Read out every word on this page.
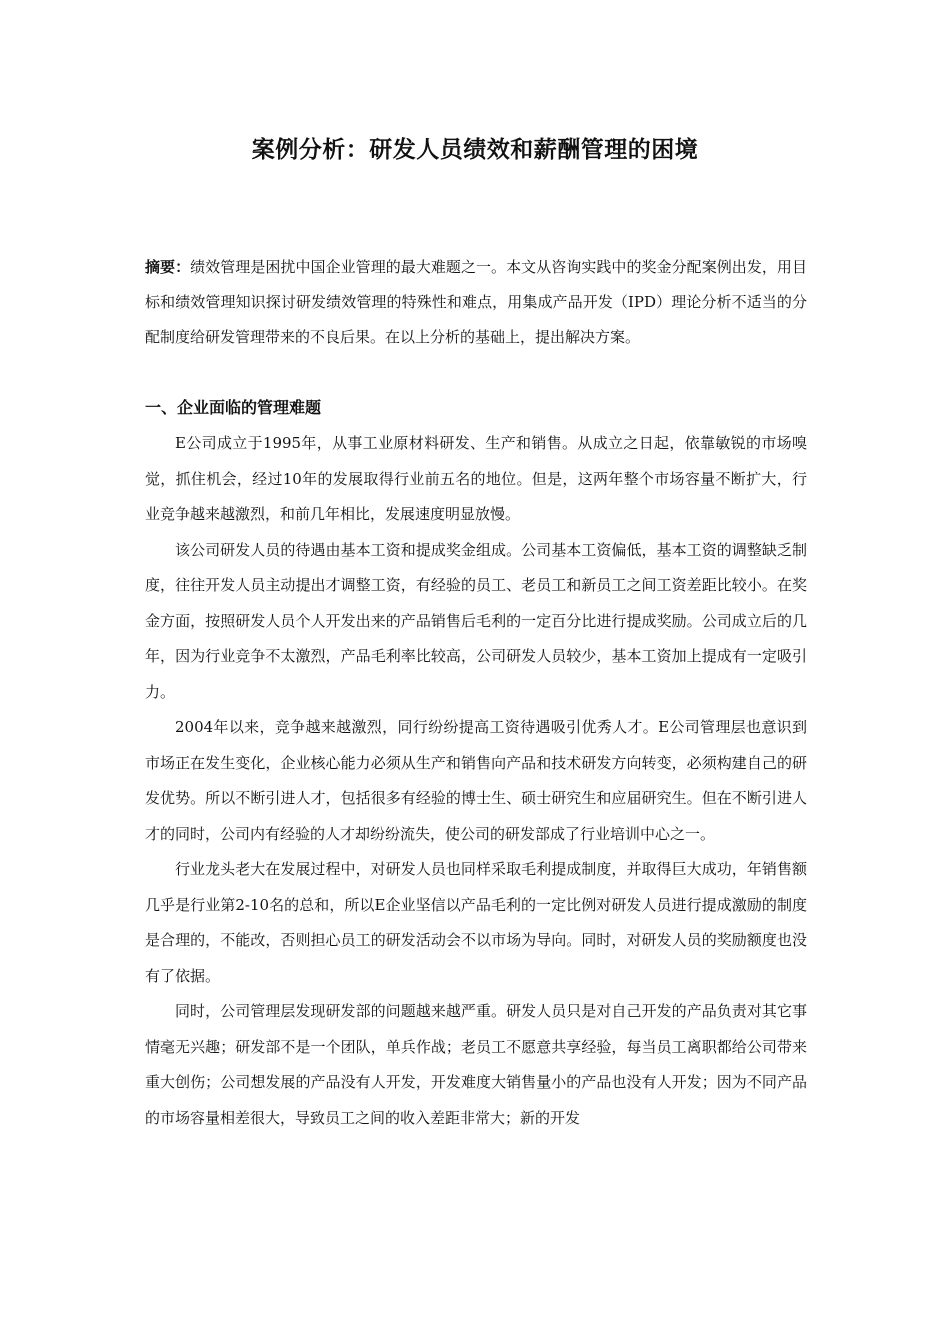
案例分析：研发人员绩效和薪酬管理的困境

摘要：绩效管理是困扰中国企业管理的最大难题之一。本文从咨询实践中的奖金分配案例出发，用目标和绩效管理知识探讨研发绩效管理的特殊性和难点，用集成产品开发（IPD）理论分析不适当的分配制度给研发管理带来的不良后果。在以上分析的基础上，提出解决方案。

一、企业面临的管理难题

E公司成立于1995年，从事工业原材料研发、生产和销售。从成立之日起，依靠敏锐的市场嗅觉，抓住机会，经过10年的发展取得行业前五名的地位。但是，这两年整个市场容量不断扩大，行业竞争越来越激烈，和前几年相比，发展速度明显放慢。

该公司研发人员的待遇由基本工资和提成奖金组成。公司基本工资偏低，基本工资的调整缺乏制度，往往开发人员主动提出才调整工资，有经验的员工、老员工和新员工之间工资差距比较小。在奖金方面，按照研发人员个人开发出来的产品销售后毛利的一定百分比进行提成奖励。公司成立后的几年，因为行业竞争不太激烈，产品毛利率比较高，公司研发人员较少，基本工资加上提成有一定吸引力。

2004年以来，竞争越来越激烈，同行纷纷提高工资待遇吸引优秀人才。E公司管理层也意识到市场正在发生变化，企业核心能力必须从生产和销售向产品和技术研发方向转变，必须构建自己的研发优势。所以不断引进人才，包括很多有经验的博士生、硕士研究生和应届研究生。但在不断引进人才的同时，公司内有经验的人才却纷纷流失，使公司的研发部成了行业培训中心之一。

行业龙头老大在发展过程中，对研发人员也同样采取毛利提成制度，并取得巨大成功，年销售额几乎是行业第2-10名的总和，所以E企业坚信以产品毛利的一定比例对研发人员进行提成激励的制度是合理的，不能改，否则担心员工的研发活动会不以市场为导向。同时，对研发人员的奖励额度也没有了依据。

同时，公司管理层发现研发部的问题越来越严重。研发人员只是对自己开发的产品负责对其它事情毫无兴趣；研发部不是一个团队，单兵作战；老员工不愿意共享经验，每当员工离职都给公司带来重大创伤；公司想发展的产品没有人开发，开发难度大销售量小的产品也没有人开发；因为不同产品的市场容量相差很大，导致员工之间的收入差距非常大；新的开发
